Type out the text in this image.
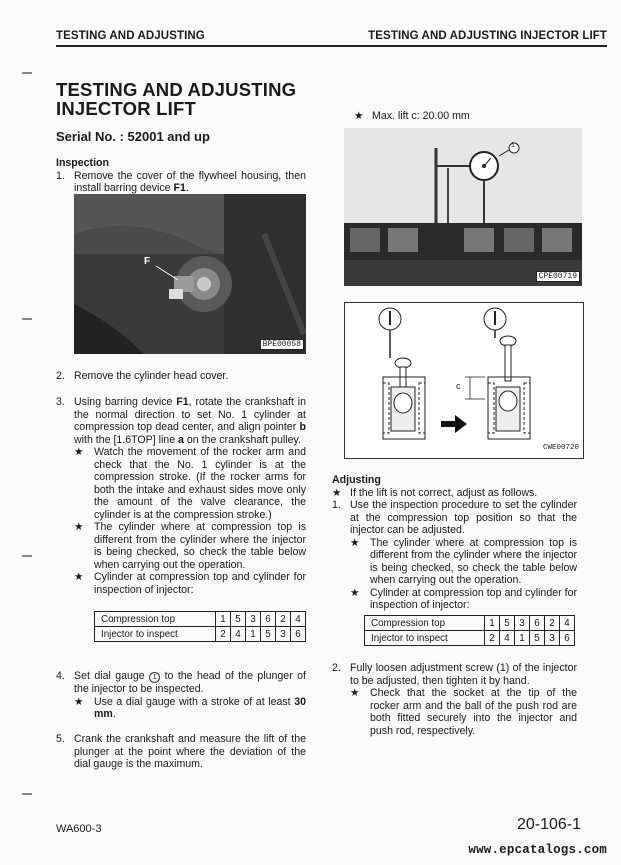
TESTING AND ADJUSTING	TESTING AND ADJUSTING INJECTOR LIFT
TESTING AND ADJUSTING INJECTOR LIFT
Serial No. : 52001 and up

Inspection

1. Remove the cover of the flywheel housing, then install barring device F1.
F
BPE00058
2. Remove the cylinder head cover.
3. Using barring device F1, rotate the crankshaft in the normal direction to set No. 1 cylinder at compression top dead center, and align pointer b with the [1.6TOP] line a on the crankshaft pulley.
★ Watch the movement of the rocker arm and check that the No. 1 cylinder is at the compression stroke. (If the rocker arms for both the intake and exhaust sides move only the amount of the valve clearance, the cylinder is at the compression stroke.)
★ The cylinder where at compression top is different from the cylinder where the injector is being checked, so check the table below when carrying out the operation.
★ Cylinder at compression top and cylinder for inspection of injector:
Compression top	1	5	3	6	2	4
Injector to inspect	2	4	1	5	3	6
4. Set dial gauge 1 to the head of the plunger of the injector to be inspected.
★ Use a dial gauge with a stroke of at least 30 mm.
5. Crank the crankshaft and measure the lift of the plunger at the point where the deviation of the dial gauge is the maximum.
★ Max. lift c: 20.00 mm
1
CPE00719
c
CWE00720

Adjusting

★ If the lift is not correct, adjust as follows.
1. Use the inspection procedure to set the cylinder at the compression top position so that the injector can be adjusted.
★ The cylinder where at compression top is different from the cylinder where the injector is being checked, so check the table below when carrying out the operation.
★ Cylinder at compression top and cylinder for inspection of injector:
Compression top	1	5	3	6	2	4
Injector to inspect	2	4	1	5	3	6
2. Fully loosen adjustment screw (1) of the injector to be adjusted, then tighten it by hand.
★ Check that the socket at the tip of the rocker arm and the ball of the push rod are both fitted securely into the injector and push rod, respectively.
WA600-3	20-106-1
www.epcatalogs.com
